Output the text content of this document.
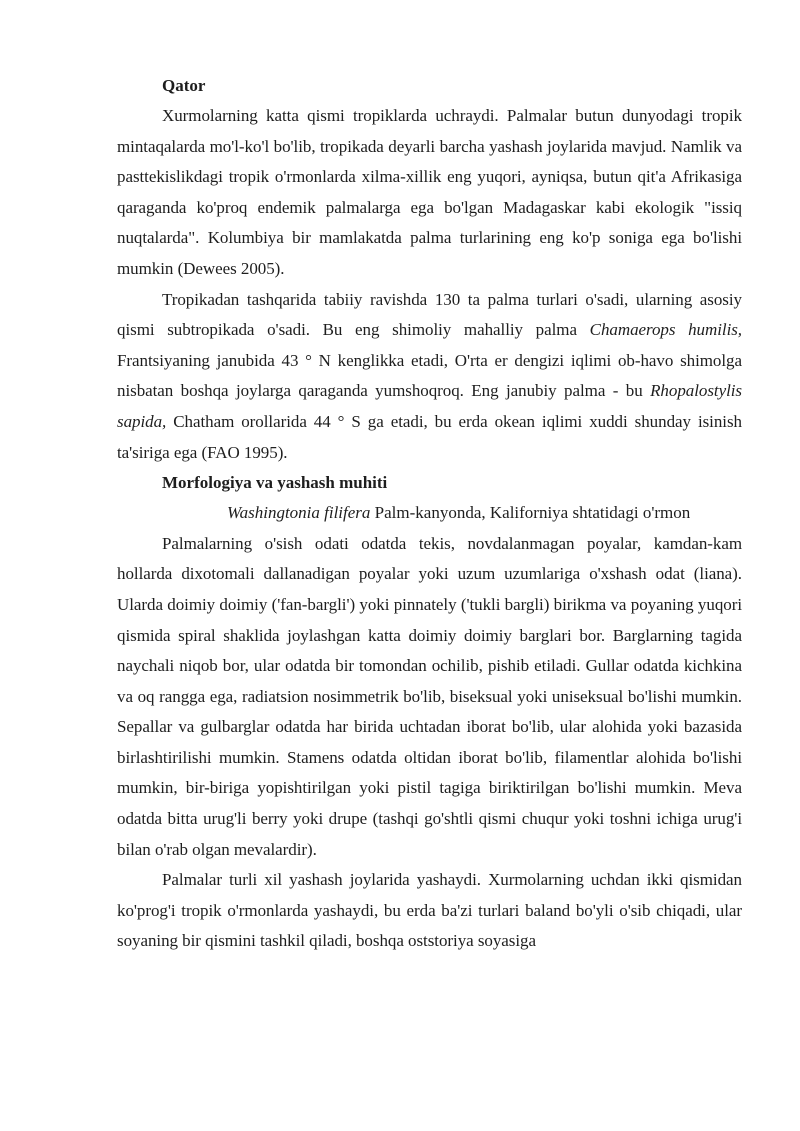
Qator

Xurmolarning katta qismi tropiklarda uchraydi. Palmalar butun dunyodagi tropik mintaqalarda mo'l-ko'l bo'lib, tropikada deyarli barcha yashash joylarida mavjud. Namlik va pasttekislikdagi tropik o'rmonlarda xilma-xillik eng yuqori, ayniqsa, butun qit'a Afrikasiga qaraganda ko'proq endemik palmalarga ega bo'lgan Madagaskar kabi ekologik "issiq nuqtalarda". Kolumbiya bir mamlakatda palma turlarining eng ko'p soniga ega bo'lishi mumkin (Dewees 2005).

Tropikadan tashqarida tabiiy ravishda 130 ta palma turlari o'sadi, ularning asosiy qismi subtropikada o'sadi. Bu eng shimoliy mahalliy palma Chamaerops humilis, Frantsiyaning janubida 43 ° N kenglikka etadi, O'rta er dengizi iqlimi ob-havo shimolga nisbatan boshqa joylarga qaraganda yumshoqroq. Eng janubiy palma - bu Rhopalostylis sapida, Chatham orollarida 44 ° S ga etadi, bu erda okean iqlimi xuddi shunday isinish ta'siriga ega (FAO 1995).

Morfologiya va yashash muhiti

Washingtonia filifera Palm-kanyonda, Kaliforniya shtatidagi o'rmon

Palmalarning o'sish odati odatda tekis, novdalanmagan poyalar, kamdan-kam hollarda dixotomali dallanadigan poyalar yoki uzum uzumlariga o'xshash odat (liana). Ularda doimiy doimiy ('fan-bargli') yoki pinnately ('tukli bargli) birikma va poyaning yuqori qismida spiral shaklida joylashgan katta doimiy doimiy barglari bor. Barglarning tagida naychali niqob bor, ular odatda bir tomondan ochilib, pishib etiladi. Gullar odatda kichkina va oq rangga ega, radiatsion nosimmetrik bo'lib, biseksual yoki uniseksual bo'lishi mumkin. Sepallar va gulbarglar odatda har birida uchtadan iborat bo'lib, ular alohida yoki bazasida birlashtirilishi mumkin. Stamens odatda oltidan iborat bo'lib, filamentlar alohida bo'lishi mumkin, bir-biriga yopishtirilgan yoki pistil tagiga biriktirilgan bo'lishi mumkin. Meva odatda bitta urug'li berry yoki drupe (tashqi go'shtli qismi chuqur yoki toshni ichiga urug'i bilan o'rab olgan mevalardir).

Palmalar turli xil yashash joylarida yashaydi. Xurmolarning uchdan ikki qismidan ko'prog'i tropik o'rmonlarda yashaydi, bu erda ba'zi turlari baland bo'yli o'sib chiqadi, ular soyaning bir qismini tashkil qiladi, boshqa oststoriya soyasiga
